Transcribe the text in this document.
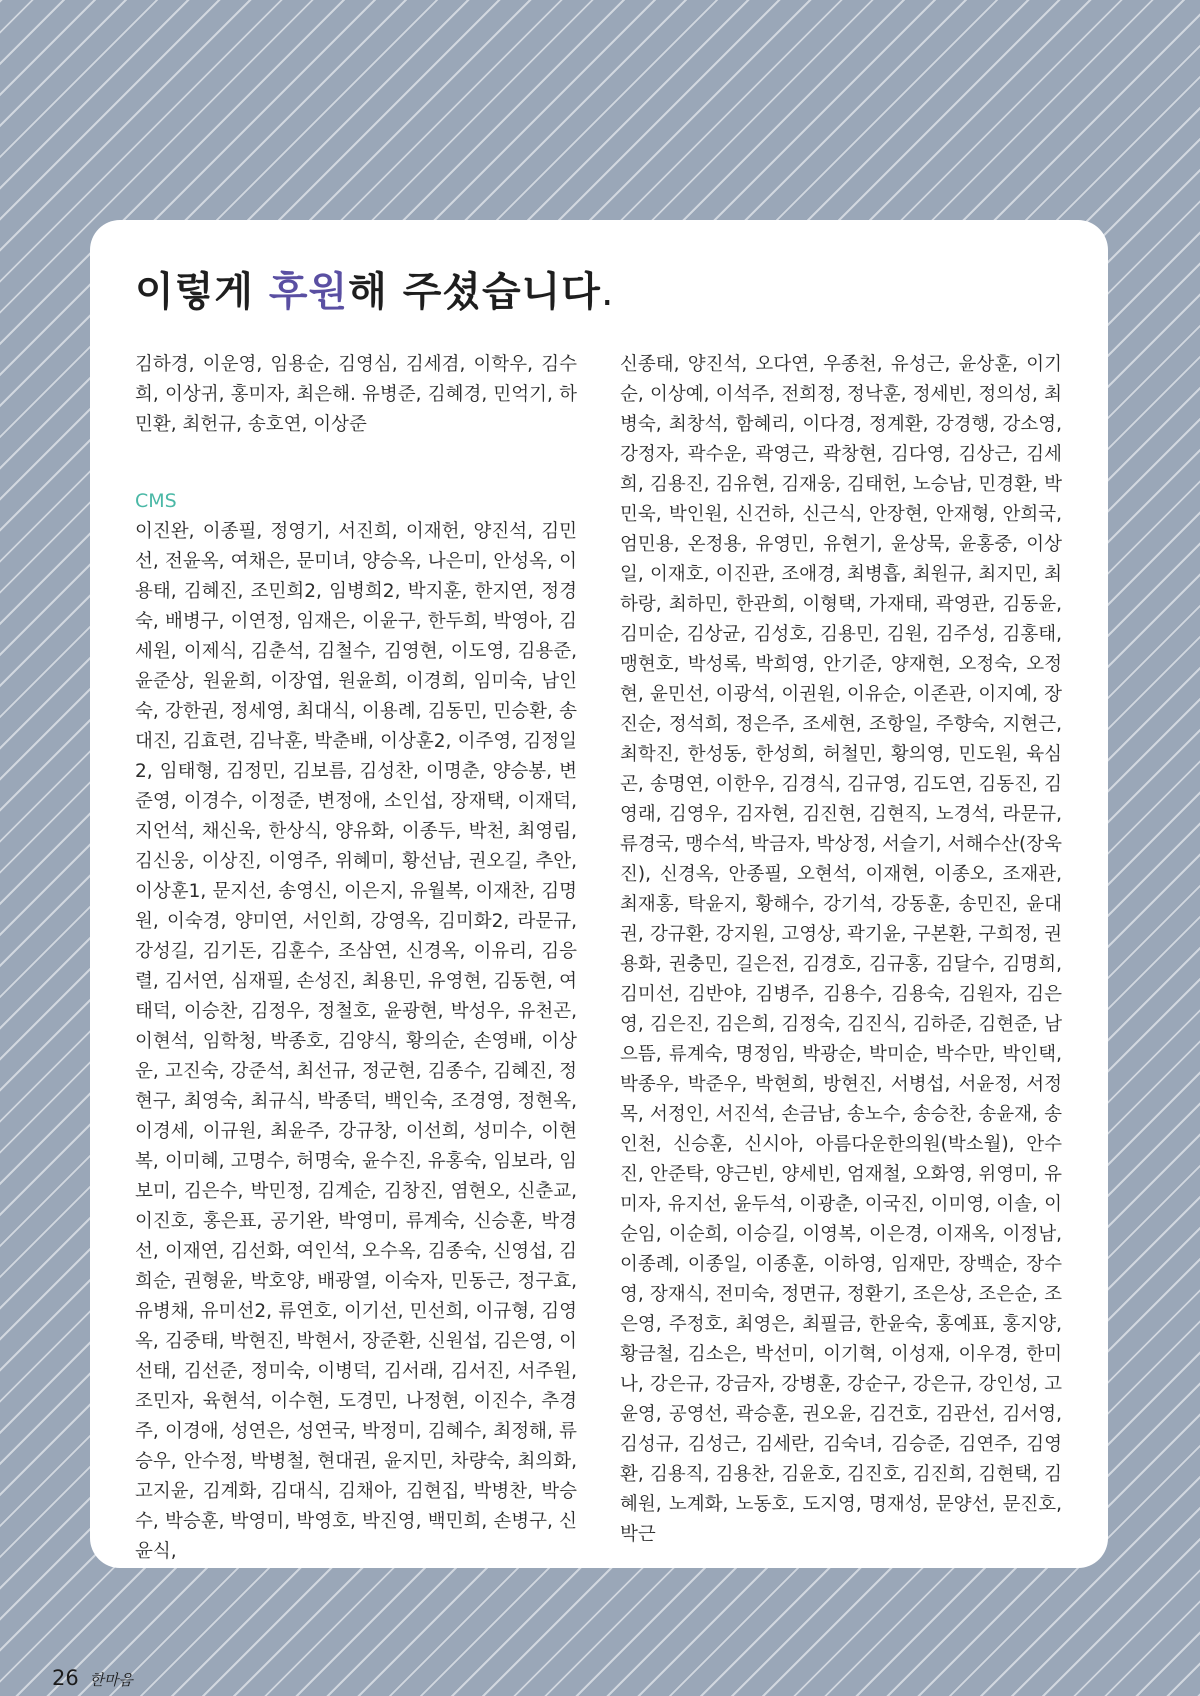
이렇게 후원해 주셨습니다.

김하경, 이운영, 임용순, 김영심, 김세겸, 이학우, 김수희, 이상귀, 홍미자, 최은해. 유병준, 김혜경, 민억기, 하민환, 최헌규, 송호연, 이상준

CMS

이진완, 이종필, 정영기, 서진희, 이재헌, 양진석, 김민선, 전윤옥, 여채은, 문미녀, 양승옥, 나은미, 안성옥, 이용태, 김혜진, 조민희2, 임병희2, 박지훈, 한지연, 정경숙, 배병구, 이연정, 임재은, 이윤구, 한두희, 박영아, 김세원, 이제식, 김춘석, 김철수, 김영현, 이도영, 김용준, 윤준상, 원윤희, 이장엽, 원윤희, 이경희, 임미숙, 남인숙, 강한권, 정세영, 최대식, 이용례, 김동민, 민승환, 송대진, 김효련, 김낙훈, 박춘배, 이상훈2, 이주영, 김정일2, 임태형, 김정민, 김보름, 김성찬, 이명춘, 양승봉, 변준영, 이경수, 이정준, 변정애, 소인섭, 장재택, 이재덕, 지언석, 채신욱, 한상식, 양유화, 이종두, 박천, 최영림, 김신웅, 이상진, 이영주, 위혜미, 황선남, 권오길, 추안, 이상훈1, 문지선, 송영신, 이은지, 유월복, 이재찬, 김명원, 이숙경, 양미연, 서인희, 강영옥, 김미화2, 라문규, 강성길, 김기돈, 김훈수, 조삼연, 신경옥, 이유리, 김응렬, 김서연, 심재필, 손성진, 최용민, 유영현, 김동현, 여태덕, 이승찬, 김정우, 정철호, 윤광현, 박성우, 유천곤, 이현석, 임학청, 박종호, 김양식, 황의순, 손영배, 이상운, 고진숙, 강준석, 최선규, 정군현, 김종수, 김혜진, 정현구, 최영숙, 최규식, 박종덕, 백인숙, 조경영, 정현옥, 이경세, 이규원, 최윤주, 강규창, 이선희, 성미수, 이현복, 이미혜, 고명수, 허명숙, 윤수진, 유홍숙, 임보라, 임보미, 김은수, 박민정, 김계순, 김창진, 염현오, 신춘교, 이진호, 홍은표, 공기완, 박영미, 류계숙, 신승훈, 박경선, 이재연, 김선화, 여인석, 오수옥, 김종숙, 신영섭, 김희순, 권형윤, 박호양, 배광열, 이숙자, 민동근, 정구효, 유병채, 유미선2, 류연호, 이기선, 민선희, 이규형, 김영옥, 김중태, 박현진, 박현서, 장준환, 신원섭, 김은영, 이선태, 김선준, 정미숙, 이병덕, 김서래, 김서진, 서주원, 조민자, 육현석, 이수현, 도경민, 나정현, 이진수, 추경주, 이경애, 성연은, 성연국, 박정미, 김혜수, 최정해, 류승우, 안수정, 박병철, 현대권, 윤지민, 차량숙, 최의화, 고지윤, 김계화, 김대식, 김채아, 김현집, 박병찬, 박승수, 박승훈, 박영미, 박영호, 박진영, 백민희, 손병구, 신윤식,

신종태, 양진석, 오다연, 우종천, 유성근, 윤상훈, 이기순, 이상예, 이석주, 전희정, 정낙훈, 정세빈, 정의성, 최병숙, 최창석, 함혜리, 이다경, 정계환, 강경행, 강소영, 강정자, 곽수운, 곽영근, 곽창현, 김다영, 김상근, 김세희, 김용진, 김유현, 김재웅, 김태헌, 노승남, 민경환, 박민욱, 박인원, 신건하, 신근식, 안장현, 안재형, 안희국, 엄민용, 온정용, 유영민, 유현기, 윤상묵, 윤홍중, 이상일, 이재호, 이진관, 조애경, 최병흡, 최원규, 최지민, 최하랑, 최하민, 한관희, 이형택, 가재태, 곽영관, 김동윤, 김미순, 김상균, 김성호, 김용민, 김원, 김주성, 김홍태, 맹현호, 박성록, 박희영, 안기준, 양재현, 오정숙, 오정현, 윤민선, 이광석, 이권원, 이유순, 이존관, 이지예, 장진순, 정석희, 정은주, 조세현, 조항일, 주향숙, 지현근, 최학진, 한성동, 한성희, 허철민, 황의영, 민도원, 육심곤, 송명연, 이한우, 김경식, 김규영, 김도연, 김동진, 김영래, 김영우, 김자현, 김진현, 김현직, 노경석, 라문규, 류경국, 맹수석, 박금자, 박상정, 서슬기, 서해수산(장욱진), 신경옥, 안종필, 오현석, 이재현, 이종오, 조재관, 최재홍, 탁윤지, 황해수, 강기석, 강동훈, 송민진, 윤대권, 강규환, 강지원, 고영상, 곽기윤, 구본환, 구희정, 권용화, 권충민, 길은전, 김경호, 김규홍, 김달수, 김명희, 김미선, 김반야, 김병주, 김용수, 김용숙, 김원자, 김은영, 김은진, 김은희, 김정숙, 김진식, 김하준, 김현준, 남으뜸, 류계숙, 명정임, 박광순, 박미순, 박수만, 박인택, 박종우, 박준우, 박현희, 방현진, 서병섭, 서윤정, 서정목, 서정인, 서진석, 손금남, 송노수, 송승찬, 송윤재, 송인천, 신승훈, 신시아, 아름다운한의원(박소월), 안수진, 안준탁, 양근빈, 양세빈, 엄재철, 오화영, 위영미, 유미자, 유지선, 윤두석, 이광춘, 이국진, 이미영, 이솔, 이순임, 이순희, 이승길, 이영복, 이은경, 이재옥, 이정남, 이종례, 이종일, 이종훈, 이하영, 임재만, 장백순, 장수영, 장재식, 전미숙, 정면규, 정환기, 조은상, 조은순, 조은영, 주정호, 최영은, 최필금, 한윤숙, 홍예표, 홍지양, 황금철, 김소은, 박선미, 이기혁, 이성재, 이우경, 한미나, 강은규, 강금자, 강병훈, 강순구, 강은규, 강인성, 고윤영, 공영선, 곽승훈, 권오윤, 김건호, 김관선, 김서영, 김성규, 김성근, 김세란, 김숙녀, 김승준, 김연주, 김영환, 김용직, 김용찬, 김윤호, 김진호, 김진희, 김현택, 김혜원, 노계화, 노동호, 도지영, 명재성, 문양선, 문진호, 박근

26 한마음
